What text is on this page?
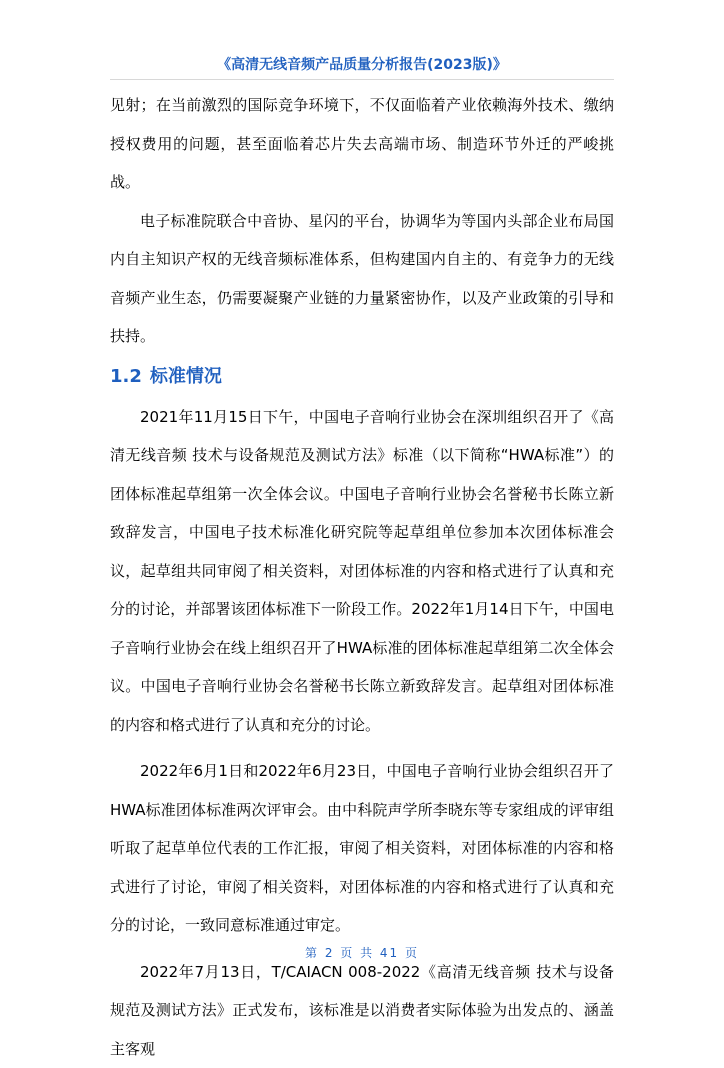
《高清无线音频产品质量分析报告(2023版)》

见射；在当前激烈的国际竞争环境下，不仅面临着产业依赖海外技术、缴纳授权费用的问题，甚至面临着芯片失去高端市场、制造环节外迁的严峻挑战。

电子标准院联合中音协、星闪的平台，协调华为等国内头部企业布局国内自主知识产权的无线音频标准体系，但构建国内自主的、有竞争力的无线音频产业生态，仍需要凝聚产业链的力量紧密协作，以及产业政策的引导和扶持。

1.2 标准情况

2021年11月15日下午，中国电子音响行业协会在深圳组织召开了《高清无线音频 技术与设备规范及测试方法》标准（以下简称“HWA标准”）的团体标准起草组第一次全体会议。中国电子音响行业协会名誉秘书长陈立新致辞发言，中国电子技术标准化研究院等起草组单位参加本次团体标准会议，起草组共同审阅了相关资料，对团体标准的内容和格式进行了认真和充分的讨论，并部署该团体标准下一阶段工作。2022年1月14日下午，中国电子音响行业协会在线上组织召开了HWA标准的团体标准起草组第二次全体会议。中国电子音响行业协会名誉秘书长陈立新致辞发言。起草组对团体标准的内容和格式进行了认真和充分的讨论。

2022年6月1日和2022年6月23日，中国电子音响行业协会组织召开了HWA标准团体标准两次评审会。由中科院声学所李晓东等专家组成的评审组听取了起草单位代表的工作汇报，审阅了相关资料，对团体标准的内容和格式进行了讨论，审阅了相关资料，对团体标准的内容和格式进行了认真和充分的讨论，一致同意标准通过审定。

2022年7月13日，T/CAIACN 008-2022《高清无线音频 技术与设备规范及测试方法》正式发布，该标准是以消费者实际体验为出发点的、涵盖主客观

第 2 页 共 41 页
